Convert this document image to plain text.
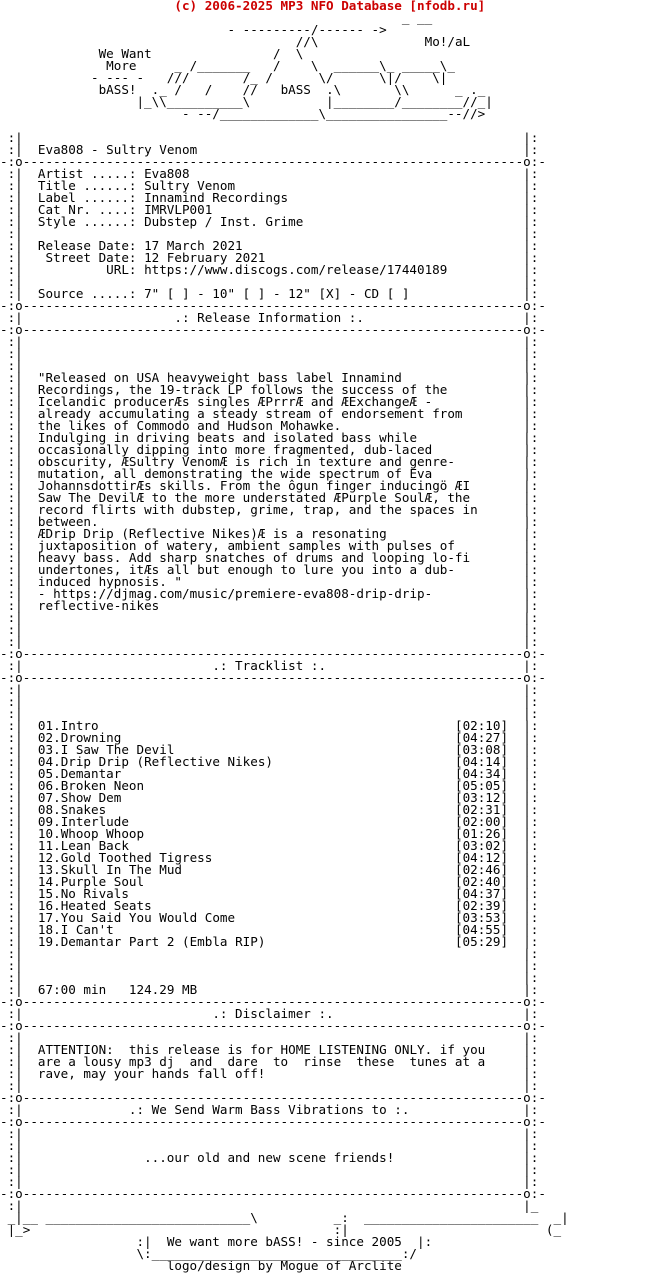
(c) 2006-2025 MP3 NFO Database [nfodb.ru]
_ __
- ---------/------ ->
//\              Mo!/aL
We Want                /  \
More     _ /_______   /    \  ______\_ _____\_
- --- -   ///       /_ /      \/      \|/    \|
bASS!  ._ /   /    //   bASS  .\       \\      _ ._
|_\\__________\          |________/________//_|
- --/_____________\________________--//>
:|                                                                  |:
:|  Eva808 - Sultry Venom                                           |:
-:o------------------------------------------------------------------o:-
:|  Artist .....: Eva808                                            |:
:|  Title ......: Sultry Venom                                      |:
:|  Label ......: Innamind Recordings                               |:
:|  Cat Nr. ....: IMRVLP001                                         |:
:|  Style ......: Dubstep / Inst. Grime                             |:
:|                                                                  |:
:|  Release Date: 17 March 2021                                     |:
:|   Street Date: 12 February 2021                                  |:
:|           URL: https://www.discogs.com/release/17440189          |:
:|                                                                  |:
:|  Source .....: 7" [ ] - 10" [ ] - 12" [X] - CD [ ]               |:
-:o------------------------------------------------------------------o:-
:|                    .: Release Information :.                     |:
-:o------------------------------------------------------------------o:-
:|                                                                  |:
:|                                                                  |:
:|                                                                  |:
:|  "Released on USA heavyweight bass label Innamind                |:
:|  Recordings, the 19-track LP follows the success of the          |:
:|  Icelandic producerÆs singles ÆPrrrÆ and ÆExchangeÆ -            |:
:|  already accumulating a steady stream of endorsement from        |:
:|  the likes of Commodo and Hudson Mohawke.                        |:
:|  Indulging in driving beats and isolated bass while              |:
:|  occasionally dipping into more fragmented, dub-laced            |:
:|  obscurity, ÆSultry VenomÆ is rich in texture and genre-         |:
:|  mutation, all demonstrating the wide spectrum of Eva            |:
:|  JohannsdottirÆs skills. From the ôgun finger inducingö ÆI       |:
:|  Saw The DevilÆ to the more understated ÆPurple SoulÆ, the       |:
:|  record flirts with dubstep, grime, trap, and the spaces in      |:
:|  between.                                                        |:
:|  ÆDrip Drip (Reflective Nikes)Æ is a resonating                  |:
:|  juxtaposition of watery, ambient samples with pulses of         |:
:|  heavy bass. Add sharp snatches of drums and looping lo-fi       |:
:|  undertones, itÆs all but enough to lure you into a dub-         |:
:|  induced hypnosis. "                                             |:
:|  - https://djmag.com/music/premiere-eva808-drip-drip-            |:
:|  reflective-nikes                                                |:
:|                                                                  |:
:|                                                                  |:
:|                                                                  |:
-:o------------------------------------------------------------------o:-
:|                         .: Tracklist :.                          |:
-:o------------------------------------------------------------------o:-
:|                                                                  |:
:|                                                                  |:
:|                                                                  |:
:|  01.Intro                                               [02:10]  |:
:|  02.Drowning                                            [04:27]  |:
:|  03.I Saw The Devil                                     [03:08]  |:
:|  04.Drip Drip (Reflective Nikes)                        [04:14]  |:
:|  05.Demantar                                            [04:34]  |:
:|  06.Broken Neon                                         [05:05]  |:
:|  07.Show Dem                                            [03:12]  |:
:|  08.Snakes                                              [02:31]  |:
:|  09.Interlude                                           [02:00]  |:
:|  10.Whoop Whoop                                         [01:26]  |:
:|  11.Lean Back                                           [03:02]  |:
:|  12.Gold Toothed Tigress                                [04:12]  |:
:|  13.Skull In The Mud                                    [02:46]  |:
:|  14.Purple Soul                                         [02:40]  |:
:|  15.No Rivals                                           [04:37]  |:
:|  16.Heated Seats                                        [02:39]  |:
:|  17.You Said You Would Come                             [03:53]  |:
:|  18.I Can't                                             [04:55]  |:
:|  19.Demantar Part 2 (Embla RIP)                         [05:29]  |:
:|                                                                  |:
:|                                                                  |:
:|                                                                  |:
:|  67:00 min 124.29 MB                                           |:
-:o------------------------------------------------------------------o:-
:|                         .: Disclaimer :.                         |:
-:o------------------------------------------------------------------o:-
:|                                                                  |:
:|  ATTENTION:  this release is for HOME LISTENING ONLY. if you     |:
:|  are a lousy mp3 dj  and  dare  to  rinse  these  tunes at a     |:
:|  rave, may your hands fall off!                                  |:
:|                                                                  |:
-:o------------------------------------------------------------------o:-
:|              .: We Send Warm Bass Vibrations to :.               |:
-:o------------------------------------------------------------------o:-
:|                                                                  |:
:|                                                                  |:
:|                ...our old and new scene friends!                 |:
:|                                                                  |:
:|                                                                  |:
-:o------------------------------------------------------------------o:-
:|                                                                  |_
_|__ ___________________________\          _:  _______________________  _|
|_>                                        :|                          (_
:|  We want more bASS! - since 2005  |:
\:_________________________________:/
logo/design by Mogue of Arclite
